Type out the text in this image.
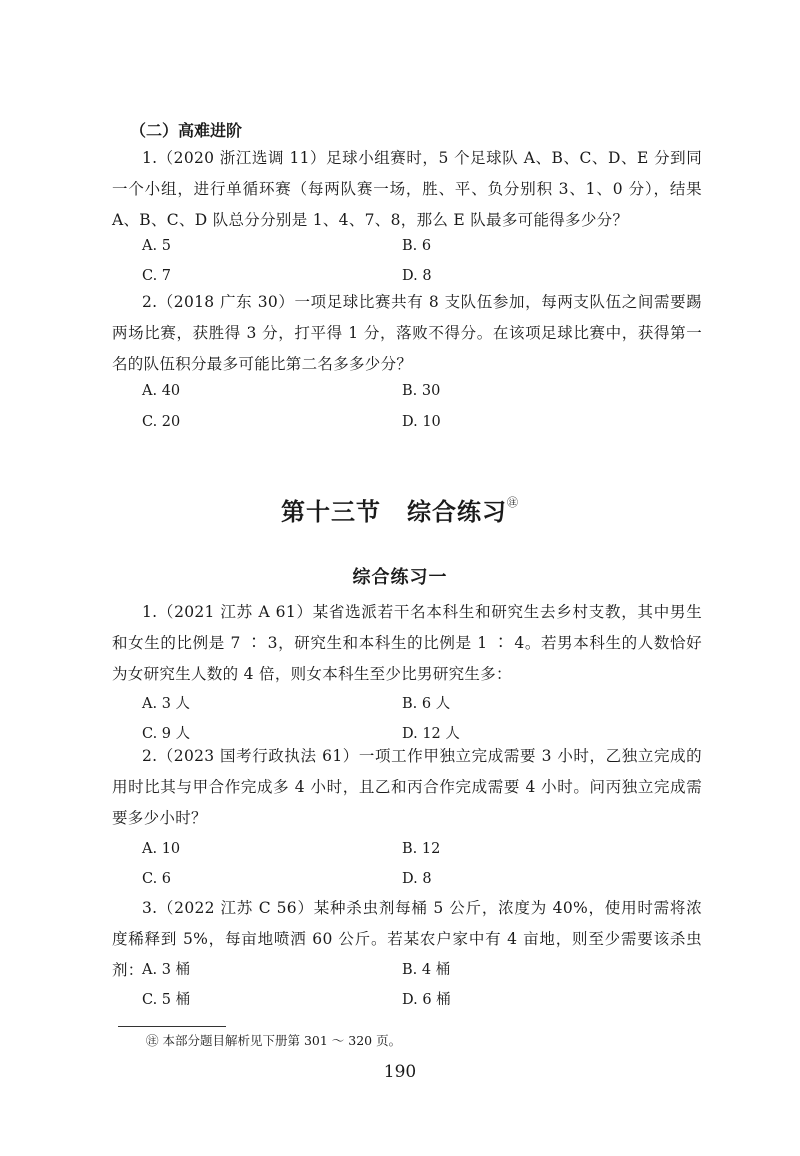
（二）高难进阶
1.（2020 浙江选调 11）足球小组赛时，5 个足球队 A、B、C、D、E 分到同一个小组，进行单循环赛（每两队赛一场，胜、平、负分别积 3、1、0 分），结果 A、B、C、D 队总分分别是 1、4、7、8，那么 E 队最多可能得多少分？
A. 5	B. 6
C. 7	D. 8
2.（2018 广东 30）一项足球比赛共有 8 支队伍参加，每两支队伍之间需要踢两场比赛，获胜得 3 分，打平得 1 分，落败不得分。在该项足球比赛中，获得第一名的队伍积分最多可能比第二名多多少分？
A. 40	B. 30
C. 20	D. 10
第十三节 综合练习㊟
综合练习一
1.（2021 江苏 A 61）某省选派若干名本科生和研究生去乡村支教，其中男生和女生的比例是 7 ∶ 3，研究生和本科生的比例是 1 ∶ 4。若男本科生的人数恰好为女研究生人数的 4 倍，则女本科生至少比男研究生多：
A. 3 人	B. 6 人
C. 9 人	D. 12 人
2.（2023 国考行政执法 61）一项工作甲独立完成需要 3 小时，乙独立完成的用时比其与甲合作完成多 4 小时，且乙和丙合作完成需要 4 小时。问丙独立完成需要多少小时？
A. 10	B. 12
C. 6	D. 8
3.（2022 江苏 C 56）某种杀虫剂每桶 5 公斤，浓度为 40%，使用时需将浓度稀释到 5%，每亩地喷洒 60 公斤。若某农户家中有 4 亩地，则至少需要该杀虫剂：
A. 3 桶	B. 4 桶
C. 5 桶	D. 6 桶
㊟ 本部分题目解析见下册第 301 ～ 320 页。
190
